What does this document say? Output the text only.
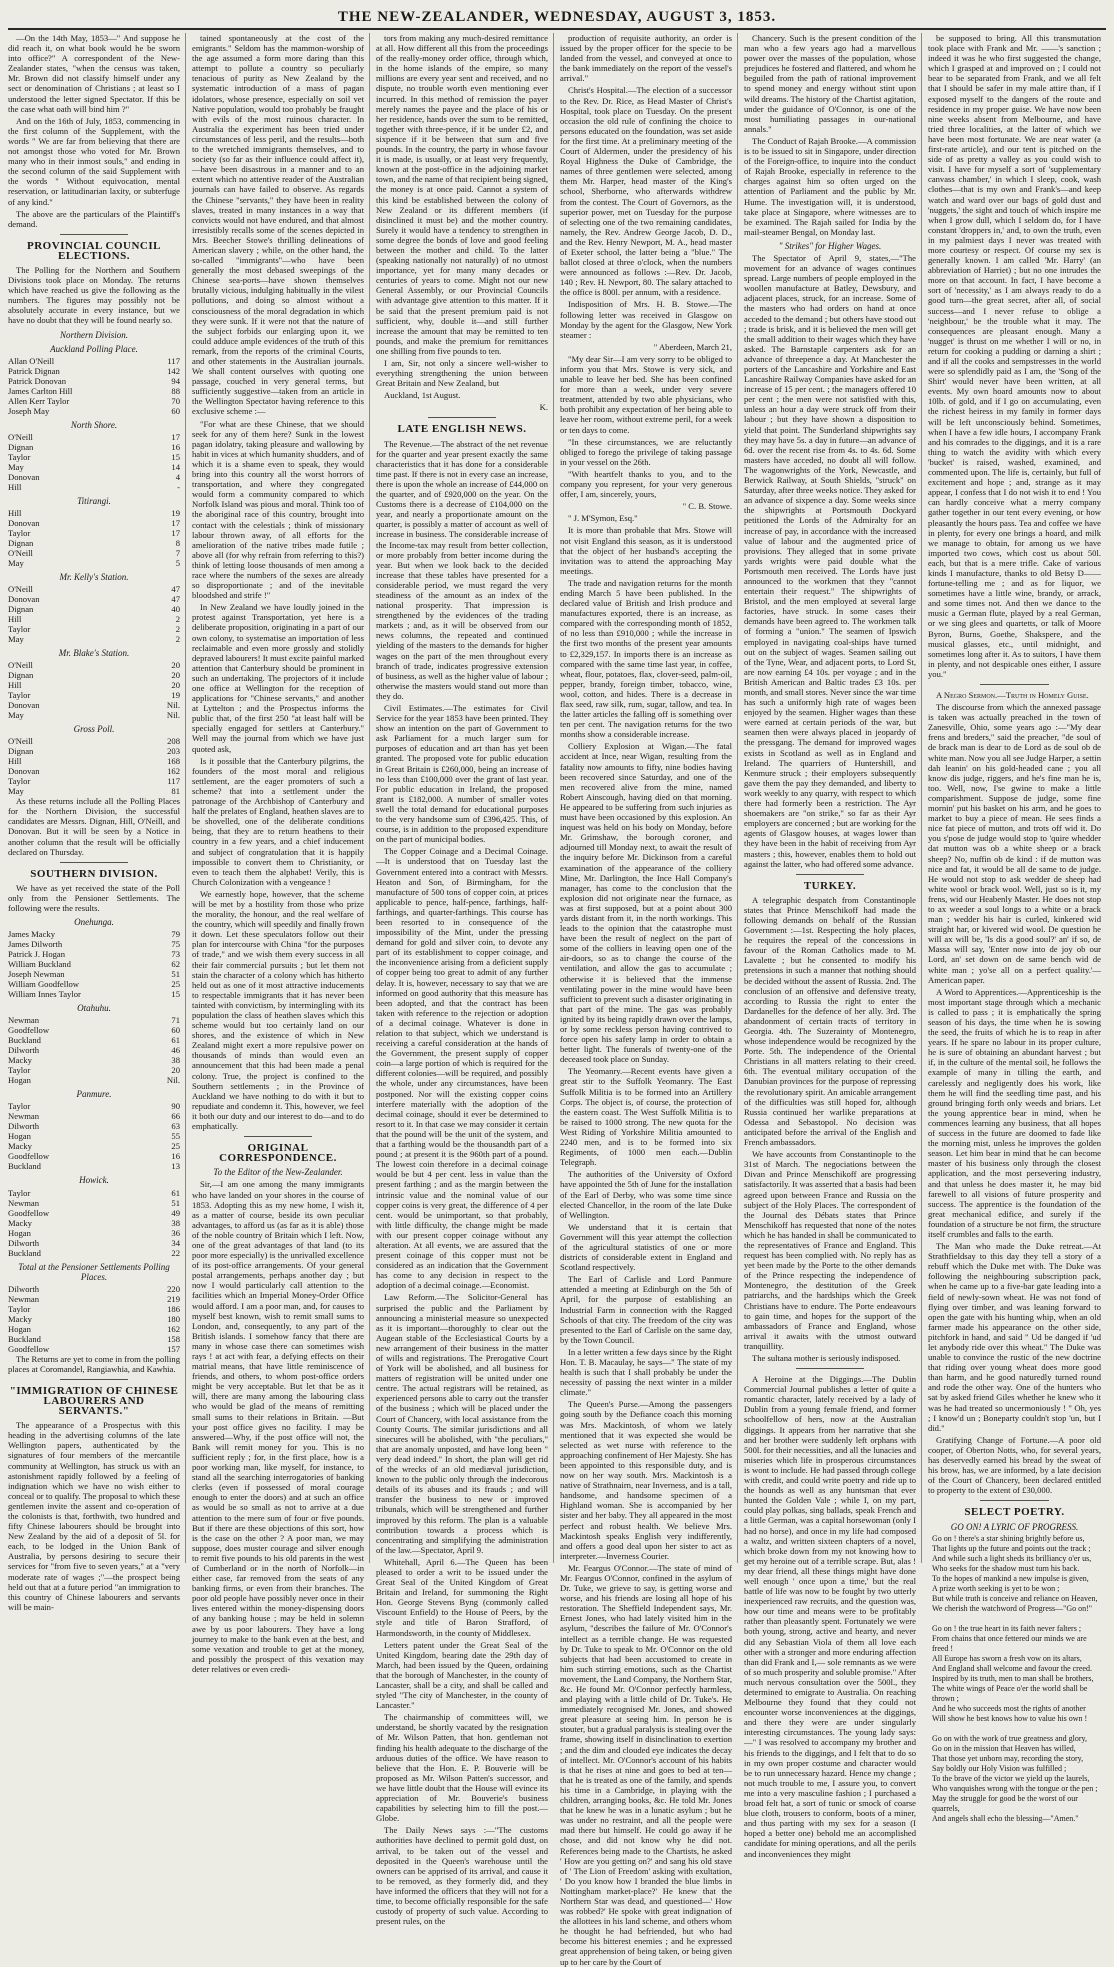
THE NEW-ZEALANDER, WEDNESDAY, AUGUST 3, 1853.

—On the 14th May, 1853—" And suppose he did reach it, on what book would he be sworn into office?" A correspondent of the New-Zealander states, "when the census was taken, Mr. Brown did not classify himself under any sect or denomination of Christians ; at least so I understood the letter signed Spectator. If this be the case what oath will bind him ?"

And on the 16th of July, 1853, commencing in the first column of the Supplement, with the words " We are far from believing that there are not amongst those who voted for Mr. Brown many who in their inmost souls," and ending in the second column of the said Supplement with the words " Without equivocation, mental reservation, or latitudinarian laxity, or subterfuge of any kind."

The above are the particulars of the Plaintiff's demand.

PROVINCIAL COUNCIL ELECTIONS.

The Polling for the Northern and Southern Divisions took place on Monday. The returns which have reached us give the following as the numbers. The figures may possibly not be absolutely accurate in every instance, but we have no doubt that they will be found nearly so.

Northern Division.
Auckland Polling Place.
Allan O'Neill	117
Patrick Dignan	142
Patrick Donovan	94
James Carlton Hill	88
Allen Kerr Taylor	70
Joseph May	60
North Shore.
O'Neill	17
Dignan	16
Taylor	15
May	14
Donovan	4
Hill	-
Titirangi.
Hill	19
Donovan	17
Taylor	17
Dignan	8
O'Neill	7
May	5
Mr. Kelly's Station.
O'Neill	47
Donovan	47
Dignan	40
Hill	2
Taylor	2
May	2
Mr. Blake's Station.
O'Neill	20
Dignan	20
Hill	20
Taylor	19
Donovan	Nil.
May	Nil.
Gross Poll.
O'Neill	208
Dignan	203
Hill	168
Donovan	162
Taylor	117
May	81

As these returns include all the Polling Places for the Northern Division, the successful candidates are Messrs. Dignan, Hill, O'Neill, and Donovan. But it will be seen by a Notice in another column that the result will be officially declared on Thursday.

SOUTHERN DIVISION.

We have as yet received the state of the Poll only from the Pensioner Settlements. The following were the results.

Onehunga.
James Macky	79
James Dilworth	75
Patrick J. Hogan	73
William Buckland	62
Joseph Newman	51
William Goodfellow	25
William Innes Taylor	15
Otahuhu.
Newman	71
Goodfellow	60
Buckland	61
Dilworth	46
Macky	38
Taylor	20
Hogan	Nil.
Panmure.
Taylor	90
Newman	66
Dilworth	63
Hogan	55
Macky	25
Goodfellow	16
Buckland	13
Howick.
Taylor	61
Newman	51
Goodfellow	49
Macky	38
Hogan	36
Dilworth	34
Buckland	22
Total at the Pensioner Settlements Polling Places.
Dilworth	220
Newman	219
Taylor	186
Macky	180
Hogan	162
Buckland	158
Goodfellow	157

The Returns are yet to come in from the polling places at Coromandel, Rangiawhia, and Kawhia.

"IMMIGRATION OF CHINESE LABOURERS AND SERVANTS."

The appearance of a Prospectus with this heading in the advertising columns of the late Wellington papers, authenticated by the signatures of four members of the mercantile community at Wellington, has struck us with an astonishment rapidly followed by a feeling of indignation which we have no wish either to conceal or to qualify. The proposal to which these gentlemen invite the assent and co-operation of the colonists is that, forthwith, two hundred and fifty Chinese labourers should be brought into New Zealand by the aid of a deposit of 5l. for each, to be lodged in the Union Bank of Australia, by persons desiring to secure their services for "from five to seven years," at a "very moderate rate of wages ;"—the prospect being held out that at a future period "an immigration to this country of Chinese labourers and servants will be main-

tained spontaneously at the cost of the emigrants." Seldom has the mammon-worship of the age assumed a form more daring than this attempt to pollute a country so peculiarly tenacious of purity as New Zealand by the systematic introduction of a mass of pagan idolators, whose presence, especially on soil vet Native population, would too probably be fraught with evils of the most ruinous character. In Australia the experiment has been tried under circumstances of less peril, and the results—both to the wretched immigrants themselves, and to society (so far as their influence could affect it),—have been disastrous in a manner and to an extent which no attentive reader of the Australian journals can have failed to observe. As regards the Chinese "servants," they have been in reality slaves, treated in many instances in a way that convicts would not have endured, and that almost irresistibly recalls some of the scenes depicted in Mrs. Beecher Stowe's thrilling delineations of American slavery ; while, on the other hand, the so-called "immigrants"—who have been generally the most debased sweepings of the Chinese sea-ports—have shown themselves brutally vicious, indulging habitually in the vilest pollutions, and doing so almost without a consciousness of the moral degradation in which they were sunk. If it were not that the nature of the subject forbids our enlarging upon it, we could adduce ample evidences of the truth of this remark, from the reports of the criminal Courts, and other statements in the Australian journals. We shall content ourselves with quoting one passage, couched in very general terms, but sufficiently suggestive—taken from an article in the Wellington Spectator having reference to this exclusive scheme :—

"For what are these Chinese, that we should seek for any of them here? Sunk in the lowest pagan idolatry, taking pleasure and wallowing by habit in vices at which humanity shudders, and of which it is a shame even to speak, they would bring into this country all the worst horrors of transportation, and where they congregated would form a community compared to which Norfolk Island was pious and moral. Think too of the aboriginal race of this country, brought into contact with the celestials ; think of missionary labour thrown away, of all efforts for the amelioration of the native tribes made futile ; above all (for why refrain from referring to this?) think of letting loose thousands of men among a race where the numbers of the sexes are already so disproportionate ; and of the inevitable bloodshed and strife !"

In New Zealand we have loudly joined in the protest against Transportation, yet here is a deliberate proposition, originating in a part of our own colony, to systematise an importation of less reclaimable and even more grossly and stolidly depraved labourers! It must excite painful marked attention that Canterbury should be prominent in such an undertaking. The projectors of it include one office at Wellington for the reception of applications for "Chinese servants," and another at Lyttelton ; and the Prospectus informs the public that, of the first 250 "at least half will be specially engaged for settlers at Canterbury." Well may the journal from which we have just quoted ask,

Is it possible that the Canterbury pilgrims, the founders of the most moral and religious settlement, are the eager promoters of such a scheme? that into a settlement under the patronage of the Archbishop of Canterbury and half the prelates of England, heathen slaves are to be shovelled, one of the deliberate conditions being, that they are to return heathens to their country in a few years, and a chief inducement and subject of congratulation that it is happily impossible to convert them to Christianity, or even to teach them the alphabet! Verily, this is Church Colonization with a vengeance !

We earnestly hope, however, that the scheme will be met by a hostility from those who prize the morality, the honour, and the real welfare of the country, which will speedily and finally frown it down. Let these speculators follow out their plan for intercourse with China "for the purposes of trade," and we wish them every success in all their fair commercial pursuits ; but let them not stain the character of a colony which has hitherto held out as one of it most attractive inducements to respectable immigrants that it has never been tainted with convictism, by intermingling with its population the class of heathen slaves which this scheme would but too certainly land on our shores, and the existence of which in New Zealand might exert a more repulsive power on thousands of minds than would even an announcement that this had been made a penal colony. True, the project is confined to the Southern settlements ; in the Province of Auckland we have nothing to do with it but to repudiate and condemn it. This, however, we feel it both our duty and our interest to do—and to do emphatically.

ORIGINAL CORRESPONDENCE.
To the Editor of the New-Zealander.

Sir,—I am one among the many immigrants who have landed on your shores in the course of 1853. Adopting this as my new home, I wish it, as a matter of course, beside its own peculiar advantages, to afford us (as far as it is able) those of the noble country of Britain which I left. Now, one of the great advantages of that land (to its poor more especially) is the unrivalled excellence of its post-office arrangements. Of your general postal arrangements, perhaps another day ; but now I would particularly call attention to the facilities which an Imperial Money-Order Office would afford. I am a poor man, and, for causes to myself best known, wish to remit small sums to London, and, consequently, to any part of the British islands. I somehow fancy that there are many in whose case there can sometimes wish rays ! at act with fear, a defying effects on their matrial means, that have little reminiscence of friends, and others, to whom post-office orders might be very acceptable. But let that be as it will, there are many among the labouring class who would be glad of the means of remitting small sums to their relations in Britain. —But your post office gives no facility. I may be answered—Why, if the post office will not, the Bank will remit money for you. This is no sufficient reply ; for, in the first place, how is a poor working man, like myself, for instance, to stand all the searching interrogatories of banking clerks (even if possessed of moral courage enough to enter the doors) and at such an office as would be so small as not to arrive at a due attention to the mere sum of four or five pounds. But if there are these objections of this sort, how is the case on the other ? A poor man, we may suppose, does muster courage and silver enough to remit five pounds to his old parents in the west of Cumberland or in the north of Norfolk—in either case, far removed from the seats of any banking firms, or even from their branches. The poor old people have possibly never once in their lives entered within the money-dispensing doors of any banking house ; may be held in solemn awe by us poor labourers. They have a long journey to make to the bank even at the best, and some vexation and trouble to get at the money, and possibly the prospect of this vexation may deter relatives or even credi-

tors from making any much-desired remittance at all. How different all this from the proceedings of the really-money order office, through which, in the home islands of the empire, so many millions are every year sent and received, and no dispute, no trouble worth even mentioning ever incurred. In this method of remission the payer merely names the payee and the place of his or her residence, hands over the sum to be remitted, together with three-pence, if it be under £2, and sixpence if it be between that sum and five pounds. In the country, the party in whose favour it is made, is usually, or at least very frequently, known at the post-office in the adjoining market town, and the name of that recipient being signed, the money is at once paid. Cannot a system of this kind be established between the colony of New Zealand or its different members (if disinclined it must be) and the mother country. Surely it would have a tendency to strengthen in some degree the bonds of love and good feeling between the mother and child. To the latter (speaking nationally not naturally) of no utmost importance, yet for many many decades or centuries of years to come. Might not our new General Assembly, or our Provincial Councils with advantage give attention to this matter. If it be said that the present premium paid is not sufficient, why, double it—and still further increase the amount that may be remitted to ten pounds, and make the premium for remittances one shilling from five pounds to ten.

I am, Sir, not only a sincere well-wisher to everything strengthening the union between Great Britain and New Zealand, but

Auckland, 1st August.

K.

LATE ENGLISH NEWS.

The Revenue.—The abstract of the net revenue for the quarter and year present exactly the same characteristics that it has done for a considerable time past. If there is not in every case an increase, there is upon the whole an increase of £44,000 on the quarter, and of £920,000 on the year. On the Customs there is a decrease of £104,000 on the year, and nearly a proportionate amount on the quarter, is possibly a matter of account as well of increase in business. The considerable increase of the Income-tax may result from better collection, or more probably from better income during the year. But when we look back to the decided increase that these tables have presented for a considerable period, we must regard the very steadiness of the amount as an index of the national prosperity. That impression is strengthened by the evidences of the trading markets ; and, as it will be observed from our news columns, the repeated and continued yielding of the masters to the demands for higher wages on the part of the men throughout every branch of trade, indicates progressive extension of business, as well as the higher value of labour ; otherwise the masters would stand out more than they do.

Civil Estimates.—The estimates for Civil Service for the year 1853 have been printed. They show an intention on the part of Government to ask Parliament for a much larger sum for purposes of education and art than has yet been granted. The proposed vote for public education in Great Britain is £260,000, being an increase of no less than £100,000 over the grant of last year. For public education in Ireland, the proposed grant is £182,000. A number of smaller votes swell the total demand for educational purposes to the very handsome sum of £396,425. This, of course, is in addition to the proposed expenditure on the part of municipal bodies.

The Copper Coinage and a Decimal Coinage.—It is understood that on Tuesday last the Government entered into a contract with Messrs. Heaton and Son, of Birmingham, for the manufacture of 500 tons of copper coin, at prices applicable to pence, half-pence, farthings, half-farthings, and quarter-farthings. This course has been resorted to in consequence of the impossibility of the Mint, under the pressing demand for gold and silver coin, to devote any part of its establishment to copper coinage, and the inconvenience arising from a deficient supply of copper being too great to admit of any further delay. It is, however, necessary to say that we are informed on good authority that this measure has been adopted, and that the contract has been taken with reference to the rejection or adoption of a decimal coinage. Whatever is done in relation to that subject, which we understand is receiving a careful consideration at the hands of the Government, the present supply of copper coin—a large portion of which is required for the different colonies—will be required, and possibly the whole, under any circumstances, have been postponed. Nor will the existing copper coins interfere materially with the adoption of the decimal coinage, should it ever be determined to resort to it. In that case we may consider it certain that the pound will be the unit of the system, and that a farthing would be the thousandth part of a pound ; at present it is the 960th part of a pound. The lowest coin therefore in a decimal coinage would be but 4 per cent. less in value than the present farthing ; and as the margin between the intrinsic value and the nominal value of our copper coins is very great, the difference of 4 per cent. would be unimportant, so that probably, with little difficulty, the change might be made with our present copper coinage without any alteration. At all events, we are assured that the present coinage of this copper must not be considered as an indication that the Government has come to any decision in respect to the adoption of a decimal coinage.—Economist.

Law Reform.—The Solicitor-General has surprised the public and the Parliament by announcing a ministerial measure so unexpected as it is important—thoroughly to clear out the Augean stable of the Ecclesiastical Courts by a new arrangement of their business in the matter of wills and registrations. The Prerogative Court of York will be abolished, and all business for matters of registration will be united under one centre. The actual registrars will be retained, as experienced persons able to carry out the transfer of the business ; which will be placed under the Court of Chancery, with local assistance from the County Courts. The similar jurisdictions and all sinecures will be abolished, with "the peculiars," that are anomaly unposted, and have long been " very dead indeed." In short, the plan will get rid of the wrecks of an old mediæval jurisdiction, known to the public only through the indecorous details of its abuses and its frauds ; and will transfer the business to new or improved tribunals, which will be strengthened and further improved by this reform. The plan is a valuable contribution towards a process which is concentrating and simplifying the administration of the law.—Spectator, April 9.

Whitehall, April 6.—The Queen has been pleased to order a writ to be issued under the Great Seal of the United Kingdom of Great Britain and Ireland, for summoning the Right Hon. George Stevens Byng (commonly called Viscount Enfield) to the House of Peers, by the style and title of Baron Strafford, of Harmondsworth, in the county of Middlesex.

Letters patent under the Great Seal of the United Kingdom, bearing date the 29th day of March, had been issued by the Queen, ordaining that the borough of Manchester, in the county of Lancaster, shall be a city, and shall be called and styled "The city of Manchester, in the county of Lancaster."

The chairmanship of committees will, we understand, be shortly vacated by the resignation of Mr. Wilson Patten, that hon. gentleman not finding his health adequate to the discharge of the arduous duties of the office. We have reason to believe that the Hon. E. P. Bouverie will be proposed as Mr. Wilson Patten's successor, and we have little doubt that the House will evince its appreciation of Mr. Bouverie's business capabilities by selecting him to fill the post.—Globe.

The Daily News says :—"The customs authorities have declined to permit gold dust, on arrival, to be taken out of the vessel and deposited in the Queen's warehouse until the owners can be apprised of its arrival, and cause it to be removed, as they formerly did, and they have informed the officers that they will not for a time, to become officially responsible for the safe custody of property of such value. According to present rules, on the

production of requisite authority, an order is issued by the proper officer for the specie to be landed from the vessel, and conveyed at once to the bank immediately on the report of the vessel's arrival."

Christ's Hospital.—The election of a successor to the Rev. Dr. Rice, as Head Master of Christ's Hospital, took place on Tuesday. On the present occasion the old rule of confining the choice to persons educated on the foundation, was set aside for the first time. At a preliminary meeting of the Court of Aldermen, under the presidency of his Royal Highness the Duke of Cambridge, the names of three gentlemen were selected, among them Mr. Harper, head master of the King's school, Sherborne, who afterwards withdrew from the contest. The Court of Governors, as the superior power, met on Tuesday for the purpose of selecting one of the two remaining candidates, namely, the Rev. Andrew George Jacob, D. D., and the Rev. Henry Newport, M. A., head master of Exeter school, the latter being a "blue." The ballot closed at three o'clock, when the numbers were announced as follows :—Rev. Dr. Jacob, 140 ; Rev. H. Newport, 80. The salary attached to the office is 800l. per annum, with a residence.

Indisposition of Mrs. H. B. Stowe.—The following letter was received in Glasgow on Monday by the agent for the Glasgow, New York steamer :

" Aberdeen, March 21,

"My dear Sir—I am very sorry to be obliged to inform you that Mrs. Stowe is very sick, and unable to leave her bed. She has been confined for more than a week, under very severe treatment, attended by two able physicians, who both prohibit any expectation of her being able to leave her room, without extreme peril, for a week or ten days to come.

"In these circumstances, we are reluctantly obliged to forego the privilege of taking passage in your vessel on the 26th.

"With heartfelt thanks to you, and to the company you represent, for your very generous offer, I am, sincerely, yours,

" C. B. Stowe.

" J. M'Symon, Esq."

It is more than probable that Mrs. Stowe will not visit England this season, as it is understood that the object of her husband's accepting the invitation was to attend the approaching May meetings.

The trade and navigation returns for the month ending March 5 have been published. In the declared value of British and Irish produce and manufactures exported, there is an increase, as compared with the corresponding month of 1852, of no less than £910,000 ; while the increase in the first two months of the present year amounts to £2,329,157. In imports there is an increase as compared with the same time last year, in coffee, wheat, flour, potatoes, flax, clover-seed, palm-oil, pepper, brandy, foreign timber, tobacco, wine, wool, cotton, and hides. There is a decrease in flax seed, raw silk, rum, sugar, tallow, and tea. In the latter articles the falling off is something over ten per cent. The navigation returns for the two months show a considerable increase.

Colliery Explosion at Wigan.—The fatal accident at Ince, near Wigan, resulting from the fatality now amounts to fifty, nine bodies having been recovered since Saturday, and one of the men recovered alive from the mine, named Robert Ainscough, having died on that morning. He appeared to be suffering from such injuries as must have been occasioned by this explosion. An inquest was held on his body on Monday, before Mr. Grimshaw, the borough coroner, and adjourned till Monday next, to await the result of the inquiry before Mr. Dickinson from a careful examination of the appearance of the colliery Mine, Mr. Darlington, the Ince Hall Company's manager, has come to the conclusion that the explosion did not originate near the furnace, as was at first supposed, but at a point about 300 yards distant from it, in the north workings. This leads to the opinion that the catastrophe must have been the result of neglect on the part of some of the colliers in leaving open one of the air-doors, so as to change the course of the ventilation, and allow the gas to accumulate ; otherwise it is believed that the immense ventilating power in the mine would have been sufficient to prevent such a disaster originating in that part of the mine. The gas was probably ignited by its being rapidly drawn over the lamps, or by some reckless person having contrived to force open his safety lamp in order to obtain a better light. The funerals of twenty-one of the deceased took place on Sunday.

The Yeomanry.—Recent events have given a great stir to the Suffolk Yeomanry. The East Suffolk Militia is to be formed into an Artillery Corps. The object is, of course, the protection of the eastern coast. The West Suffolk Militia is to be raised to 1000 strong. The new quota for the West Riding of Yorkshire Militia amounted to 2240 men, and is to be formed into six Regiments, of 1000 men each.—Dublin Telegraph.

The authorities of the University of Oxford have appointed the 5th of June for the installation of the Earl of Derby, who was some time since elected Chancellor, in the room of the late Duke of Wellington.

We understand that it is certain that Government will this year attempt the collection of the agricultural statistics of one or more districts of considerable extent in England and Scotland respectively.

The Earl of Carlisle and Lord Panmure attended a meeting at Edinburgh on the 5th of April, for the purpose of establishing an Industrial Farm in connection with the Ragged Schools of that city. The freedom of the city was presented to the Earl of Carlisle on the same day, by the Town Council.

In a letter written a few days since by the Right Hon. T. B. Macaulay, he says—" The state of my health is such that I shall probably be under the necessity of passing the next winter in a milder climate."

The Queen's Purse.—Among the passengers going south by the Defiance coach this morning was Mrs. Mackintosh, of whom we lately mentioned that it was expected she would be selected as wet nurse with reference to the approaching confinement of Her Majesty. She has been appointed to this responsible duty, and is now on her way south. Mrs. Mackintosh is a native of Strathnairn, near Inverness, and is a tall, handsome, and handsome specimen of a Highland woman. She is accompanied by her sister and her baby. They all appeared in the most perfect and robust health. We believe Mrs. Mackintosh speaks English very indifferently, and offers a good deal upon her sister to act as interpreter.—Inverness Courier.

Mr. Feargus O'Connor.—The state of mind of Mr. Feargus O'Connor, confined in the asylum of Dr. Tuke, we grieve to say, is getting worse and worse, and his friends are losing all hope of his restoration. The Sheffield Independent says, Mr. Ernest Jones, who had lately visited him in the asylum, "describes the failure of Mr. O'Connor's intellect as a terrible change. He was requested by Dr. Tuke to speak to Mr. O'Connor on the old subjects that had been accustomed to create in him such stirring emotions, such as the Chartist movement, the Land Company, the Northern Star, &c. He found Mr. O'Connor perfectly harmless, and playing with a little child of Dr. Tuke's. He immediately recognised Mr. Jones, and showed great pleasure at seeing him. In person he is stouter, but a gradual paralysis is stealing over the frame, showing itself in disinclination to exertion ; and the dim and clouded eye indicates the decay of intellect. Mr. O'Connor's account of his habits is that he rises at nine and goes to bed at ten—that he is treated as one of the family, and spends his time in a Cambridge, in playing with the children, arranging books, &c. He told Mr. Jones that he knew he was in a lunatic asylum ; but he was under no restraint, and all the people were mad there but himself. He could go away if he chose, and did not know why he did not. References being made to the Chartists, he asked ' How are you getting on?' and sang his old stave of ' The Lion of Freedom' asking with exultation, ' Do you know how I branded the blue limbs in Nottingham market-place?' He knew that the Northern Star was dead, and questioned—' How was robbed?' He spoke with great indignation of the allottees in his land scheme, and others whom he thought he had befriended, but who had become his bitterest enemies ; and he expressed great apprehension of being taken, or being given up to her care by the Court of

Chancery. Such is the present condition of the man who a few years ago had a marvellous power over the masses of the population, whose prejudices he fostered and flattered, and whom he beguiled from the path of rational improvement to spend money and energy without stint upon wild dreams. The history of the Chartist agitation, under the guidance of O'Connor, is one of the most humiliating passages in our-national annals."

The Conduct of Rajah Brooke.—A commission is to be issued to sit in Singapore, under direction of the Foreign-office, to inquire into the conduct of Rajah Brooke, especially in reference to the charges against him so often urged on the attention of Parliament and the public by Mr. Hume. The investigation will, it is understood, take place at Singapore, where witnesses are to be examined. The Rajah sailed for India by the mail-steamer Bengal, on Monday last.

" Strikes" for Higher Wages.

The Spectator of April 9, states,—"The movement for an advance of wages continues spread. Large numbers of people employed in the woollen manufacture at Batley, Dewsbury, and adjacent places, struck, for an increase. Some of the masters who had orders on hand at once acceded to the demand ; but others have stood out ; trade is brisk, and it is believed the men will get the small addition to their wages which they have asked. The Barnstaple carpenters ask for an advance of threepence a day. At Manchester the porters of the Lancashire and Yorkshire and East Lancashire Railway Companies have asked for an increase of 15 per cent. ; the managers offered 10 per cent ; the men were not satisfied with this, unless an hour a day were struck off from their labour ; but they have shown a disposition to yield that point. The Sunderland shipwrights say they may have 5s. a day in future—an advance of 6d. over the recent rise from 4s. to 4s. 6d. Some masters have acceded, no doubt all will follow. The wagonwrights of the York, Newcastle, and Berwick Railway, at South Shields, "struck" on Saturday, after three weeks notice. They asked for an advance of sixpence a day. Some weeks since the shipwrights at Portsmouth Dockyard petitioned the Lords of the Admiralty for an increase of pay, in accordance with the increased value of labour and the augmented price of provisions. They alleged that in some private yards wrights were paid double what the Portsmouth men received. The Lords have just announced to the workmen that they "cannot entertain their request." The shipwrights of Bristol, and the men employed at several large factories, have struck. In some cases their demands have been agreed to. The workmen talk of forming a "union." The seamen of Ipswich employed in navigating coal-ships have turned out on the subject of wages. Seamen sailing out of the Tyne, Wear, and adjacent ports, to Lord St, are now earning £4 10s. per voyage ; and in the British American and Baltic trades £3 10s. per month, and small stores. Never since the war time has such a uniformly high rate of wages been enjoyed by the seamen. Higher wages than these were earned at certain periods of the war, but seamen then were always placed in jeopardy of the pressgang. The demand for improved wages exists in Scotland as well as in England and Ireland. The quarriers of Huntershill, and Kenmure struck ; their employers subsequently gave them the pay they demanded, and liberty to work weekly to any quarry, with respect to which there had formerly been a restriction. The Ayr shoemakers are "on strike," so far as their Ayr employers are concerned ; but are working for the agents of Glasgow houses, at wages lower than they have been in the habit of receiving from Ayr masters ; this, however, enables them to hold out against the latter, who had offered some advance.

TURKEY.

A telegraphic despatch from Constantinople states that Prince Menschikoff had made the following demands on behalf of the Russian Government :—1st. Respecting the holy places, he requires the repeal of the concessions in favour of the Roman Catholics made to M. Lavalette ; but he consented to modify his pretensions in such a manner that nothing should be decided without the assent of Russia. 2nd. The conclusion of an offensive and defensive treaty, according to Russia the right to enter the Dardanelles for the defence of her ally. 3rd. The abandonment of certain tracts of territory in Georgia. 4th. The Suzerainty of Montenegro, whose independence would be recognized by the Porte. 5th. The independence of the Oriental Christians in all matters relating to their creed. 6th. The eventual military occupation of the Danubian provinces for the purpose of repressing the revolutionary spirit. An amicable arrangement of the difficulties was still hoped for, although Russia continued her warlike preparations at Odessa and Sebastopol. No decision was anticipated before the arrival of the English and French ambassadors.

We have accounts from Constantinople to the 31st of March. The negociations between the Divan and Prince Menschikoff are progressing satisfactorily. It was asserted that a basis had been agreed upon between France and Russia on the subject of the Holy Places. The correspondent of the Journal des Débats states that Prince Menschikoff has requested that none of the notes which he has handed in shall be communicated to the representatives of France and England. This request has been complied with. No reply has as yet been made by the Porte to the other demands of the Prince respecting the independence of Montenegro, the destitution of the Greek patriarchs, and the hardships which the Greek Christians have to endure. The Porte endeavours to gain time, and hopes for the support of the ambassadors of France and England, whose arrival it awaits with the utmost outward tranquillity.

The sultana mother is seriously indisposed.

A Heroine at the Diggings.—The Dublin Commercial Journal publishes a letter of quite a romantic character, lately received by a lady of Dublin from a young female friend, and former schoolfellow of hers, now at the Australian diggings. It appears from her narrative that she and her brother were suddenly left orphans with 500l. for their necessities, and all the lunacies and miseries which life in prosperous circumstances is wont to include. He had passed through college with credit, and could write poetry and ride up to the hounds as well as any huntsman that ever hunted the Golden Vale ; while I, on my part, could play polkas, sing ballads, speak French and a little German, was a capital horsewoman (only I had no horse), and once in my life had composed a waltz, and written sixteen chapters of a novel, which broke down from my not knowing how to get my heroine out of a terrible scrape. But, alas ! my dear friend, all these things might have done well enough ' once upon a time,' but the real battle of life was now to be fought by two utterly inexperienced raw recruits, and the question was, how our time and means were to be profitably rather than pleasantly spent. Fortunately we were both young, strong, active and hearty, and never did any Sebastian Viola of them all love each other with a stronger and more enduring affection than did Frank and I,— sole remnants as we were of so much prosperity and soluble promise." After much nervous consultation over the 500l., they determined to emigrate to Australia. On reaching Melbourne they found that they could not encounter worse inconveniences at the diggings, and there they were are under singularly interesting circumstances. The young lady says:—" I was resolved to accompany my brother and his friends to the diggings, and I felt that to do so in my own proper costume and character would be to run unnecessary hazard. Hence my change ; not much trouble to me, I assure you, to convert me into a very masculine fashion ; I purchased a broad felt hat, a sort of tunic or smock of coarse blue cloth, trousers to conform, boots of a miner, and thus parting with my sex for a season (I hoped a better one) behold me an accomplished candidate for mining operations, and all the perils and inconveniences they might

be supposed to bring. All this transmutation took place with Frank and Mr. ——'s sanction ; indeed it was he who first suggested the change, which I grasped at and improved on ; I could not bear to be separated from Frank, and we all felt that I should be safer in my male attire than, if I exposed myself to the dangers of the route and residence in my proper guise. We have now been nine weeks absent from Melbourne, and have tried three localities, at the latter of which we have been most fortunate. We are near water (a first-rate article), and our tent is pitched on the side of as pretty a valley as you could wish to visit. I have for myself a sort of 'supplementary canvass chamber,' in which I sleep, cook, wash clothes—that is my own and Frank's—and keep watch and ward over our bags of gold dust and 'nuggets,' the sight and touch of which inspire me when I grow dull, which I seldom do, for I have constant 'droppers in,' and, to own the truth, even in my palmiest days I never was treated with more courtesy or respect. Of course my sex is generally known. I am called 'Mr. Harry' (an abbreviation of Harriet) ; but no one intrudes the more on that account. In fact, I have become a sort of 'necessity,' as I am always ready to do a good turn—the great secret, after all, of social success—and I never refuse to oblige a 'neighbour,' be the trouble what it may. The consequences are pleasant enough. Many a 'nugget' is thrust on me whether I will or no, in return for cooking a pudding or darning a shirt ; and if all the cooks and sempstresses in the world were so splendidly paid as I am, the 'Song of the Shirt' would never have been written, at all events. My own hoard amounts now to about 10lb. of gold, and if I go on accumulating, even the richest heiress in my family in former days will be left unconsciously behind. Sometimes, when I have a few idle hours, I accompany Frank and his comrades to the diggings, and it is a rare thing to watch the avidity with which every 'bucket' is raised, washed, examined, and commented upon. The life is, certainly, but full of excitement and hope ; and, strange as it may appear, I confess that I do not wish it to end ! You can hardly conceive what a merry company gather together in our tent every evening, or how pleasantly the hours pass. Tea and coffee we have in plenty, for every one brings a hoard, and milk we manage to obtain, for among us we have imported two cows, which cost us about 50l. each, but that is a mere trifle. Cake of various kinds I manufacture, thanks to old Betsy D—— fortune-telling me ; and as for liquor, we sometimes have a little wine, brandy, or arrack, and some times not. And then we dance to the music a German flute, played by a real German, or we sing glees and quartetts, or talk of Moore Byron, Burns, Goethe, Shakspere, and the musical glasses, etc., until midnight, and sometimes long after it. As to suitors, I have them in plenty, and not despicable ones either, I assure you."

A Negro Sermon.—Truth in Homely Guise.

The discourse from which the annexed passage is taken was actually preached in the town of Zanesville, Ohio, some years ago :—"My dear frens and breders," said the preacher, "de soul of de brack man is dear to de Lord as de soul ob de white man. Now you all see Judge Harper, a settin dah leanin' on his gold-headed cane ; you all know dis judge, riggers, and he's fine man he is, too. Well, now, I'se gwine to make a little comparishment. Suppose de judge, some fine mornin' put his basket on his arm, and he goes to market to buy a piece of mean. He sees finds a nice fat piece of mutton, and trots off wid it. Do you s'pose de judge would stop to 'quire whedder dat mutton was ob a white sheep or a brack sheep? No, nuffin ob de kind : if de mutton was nice and fat, it would be all de same to de judge. He would not stop to ask wedder de sheep had white wool or brack wool. Well, just so is it, my frens, wid our Heabenly Master. He does not stop to ax weeder a soul longs to a white or a brack man ; wedder his hair is curled, kinkered wid straight har, or kivered wid wool. De question he will ax will be, 'Is dis a good soul?' an' if so, de Massa will say, 'Enter now into de joy ob our Lord, an' set down on de same bench wid de white man ; yo'se all on a perfect quality.'—American paper.

A Word to Apprentices.—Apprenticeship is the most important stage through which a mechanic is called to pass ; it is emphatically the spring season of his days, the time when he is sowing the seed, the fruits of which he is to reap in after years. If he spare no labour in its proper culture, he is sure of obtaining an abundant harvest ; but if, in the culture of the mental soil, he follows the example of many in tilling the earth, and carelessly and negligently does his work, like them he will find the seedling time past, and his ground bringing forth only weeds and briars. Let the young apprentice bear in mind, when he commences learning any business, that all hopes of success in the future are doomed to fade like the morning mist, unless he improves the golden season. Let him bear in mind that he can become master of his business only through the closest application, and the most persevering industry, and that unless he does master it, he may bid farewell to all visions of future prosperity and success. The apprentice is the foundation of the great mechanical edifice, and surely if the foundation of a structure be not firm, the structure itself crumbles and falls to the earth.

The Man who made the Duke retreat.—At Strathfieldsay to this day they tell a story of a rebuff which the Duke met with. The Duke was following the neighbouring subscription pack, when he came up to a five-bar gate leading into a field of newly-sown wheat. He was not fond of flying over timber, and was leaning forward to open the gate with his hunting whip, when an old farmer made his appearance on the other side, pitchfork in hand, and said " Ud be danged if 'ud let anybody ride over this wheat." The Duke was unable to convince the rustic of the new doctrine that riding over young wheat does more good than harm, and he good naturedly turned round and rode the other way. One of the hunters who sat by asked friend Giles whether he knew who it was he had treated so uncermoniously ! " Oh, yes ; I know'd un ; Boneparty couldn't stop 'un, but I did."

Gratifying Change of Fortune.—A poor old cooper, of Oberton Notts, who, for several years, has deservedly earned his bread by the sweat of his brow, has, we are informed, by a late decision of the Court of Chancery, been declared entitled to property to the extent of £30,000.

SELECT POETRY.
GO ON! A LYRIC OF PROGRESS.
Go on ! there's a star shining brightly before us,
That lights up the future and points out the track ;
And while such a light sheds its brilliancy o'er us,
Who seeks for the shadow must turn his back.
To the hopes of mankind a new impulse is given,
A prize worth seeking is yet to be won ;
But while truth is conceive and reliance on Heaven,
We cherish the watchword of Progress—"Go on!"

Go on ! the true heart in its faith never falters ;
From chains that once fettered our minds we are freed !
All Europe has sworn a fresh vow on its altars,
And England shall welcome and favour the creed.
Inspired by its truth, men to man shall be brothers,
The white wings of Peace o'er the world shall be thrown ;
And he who succeeds most the rights of another
Will show he best knows how to value his own !

Go on with the work of true greatness and glory,
Go on in the mission that Heaven has willed,
That those yet unborn may, recording the story,
Say boldly our Holy Vision was fulfilled ;
To the brave of the victor we yield up the laurels,
Who vanquishes wrong with the tongue or the pen ;
May the struggle for good be the worst of our quarrels,
And angels shall echo the blessing—"Amen."
